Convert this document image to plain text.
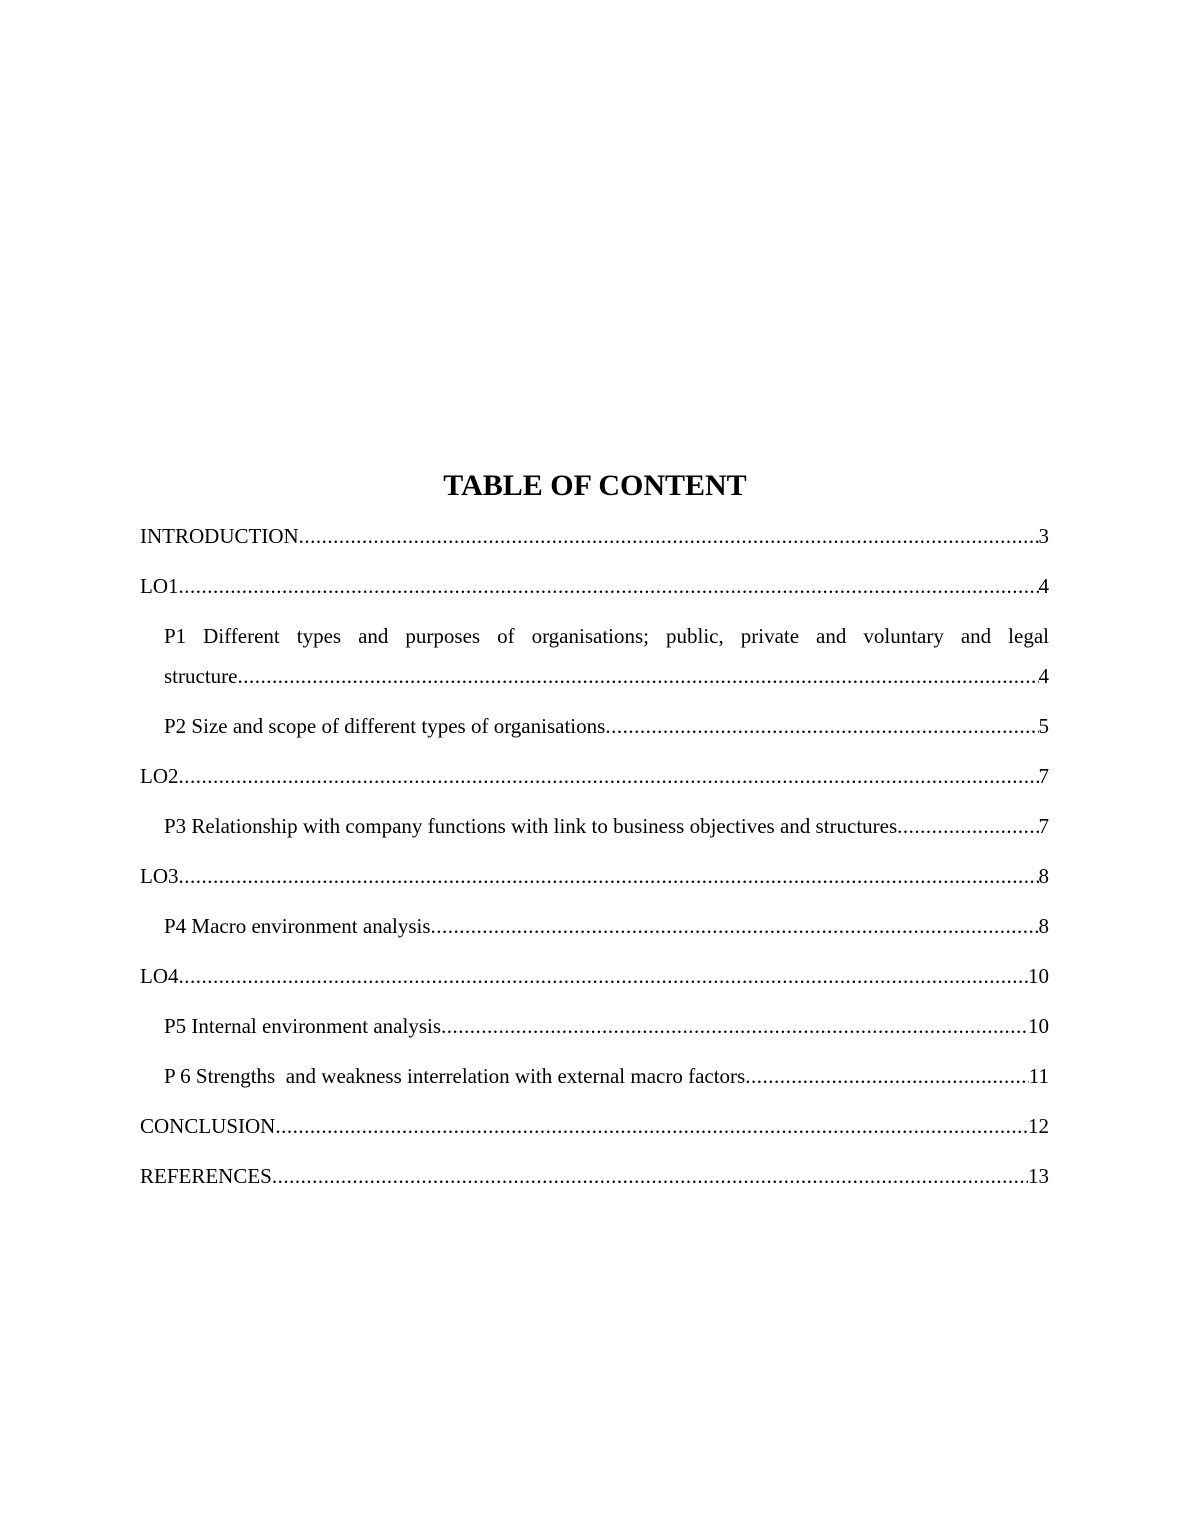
TABLE OF CONTENT
INTRODUCTION .....	3
LO1 .....	4
P1 Different types and purposes of organisations; public, private and voluntary and legal
structure .....	4
P2 Size and scope of different types of organisations .....	5
LO2 .....	7
P3 Relationship with company functions with link to business objectives and structures .....	7
LO3 .....	8
P4 Macro environment analysis .....	8
LO4 .....	10
P5 Internal environment analysis .....	10
P 6 Strengths  and weakness interrelation with external macro factors .....	11
CONCLUSION .....	12
REFERENCES .....	13
